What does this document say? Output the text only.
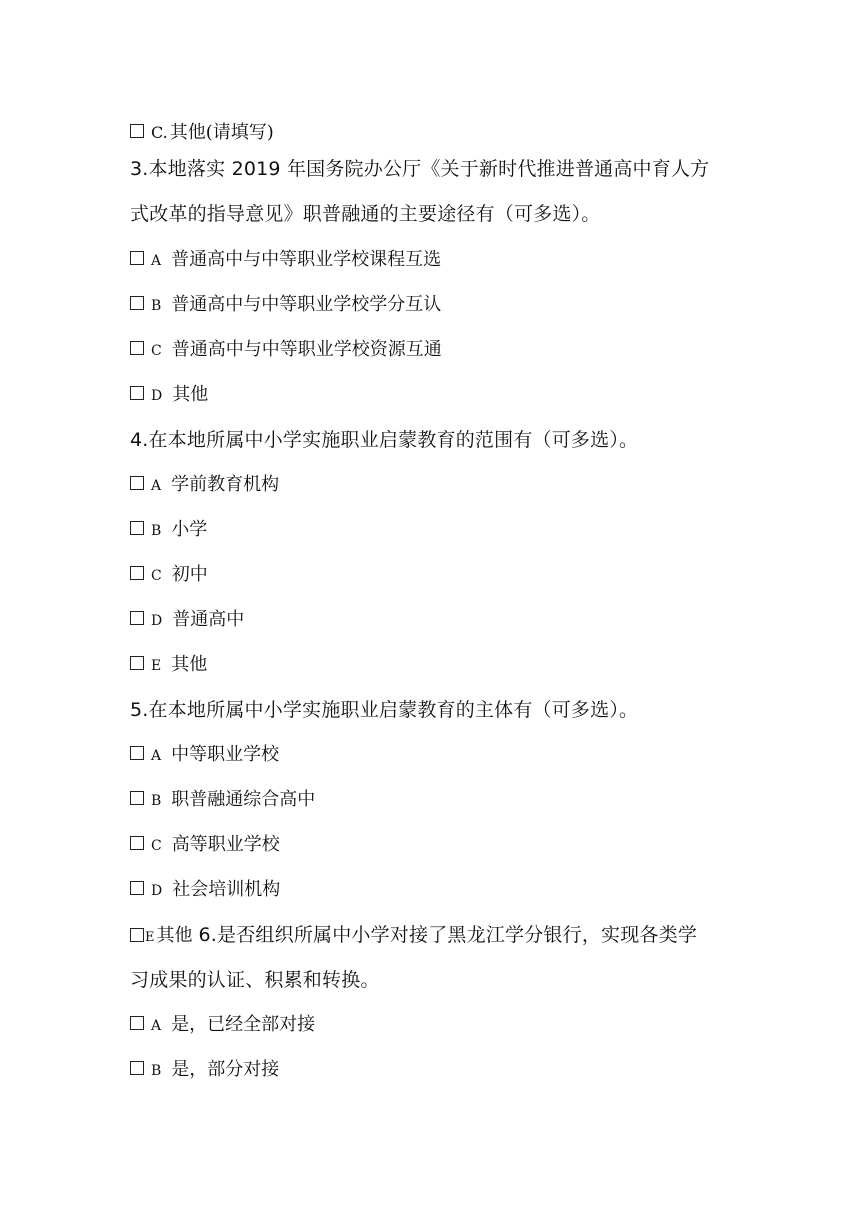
C. 其他(请填写)
3.本地落实 2019 年国务院办公厅《关于新时代推进普通高中育人方
式改革的指导意见》职普融通的主要途径有（可多选）。
A 普通高中与中等职业学校课程互选
B 普通高中与中等职业学校学分互认
C 普通高中与中等职业学校资源互通
D 其他
4.在本地所属中小学实施职业启蒙教育的范围有（可多选）。
A 学前教育机构
B 小学
C 初中
D 普通高中
E 其他
5.在本地所属中小学实施职业启蒙教育的主体有（可多选）。
A 中等职业学校
B 职普融通综合高中
C 高等职业学校
D 社会培训机构
E 其他 6.是否组织所属中小学对接了黑龙江学分银行，实现各类学
习成果的认证、积累和转换。
A 是，已经全部对接
B 是，部分对接
